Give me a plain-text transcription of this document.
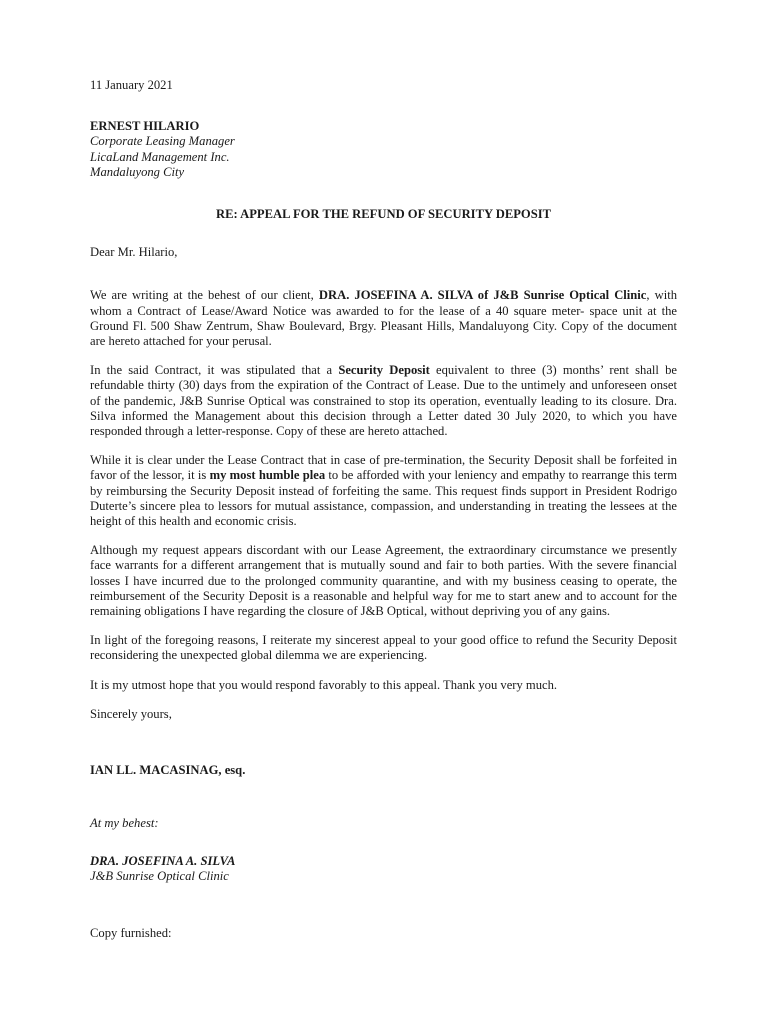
11 January 2021
ERNEST HILARIO
Corporate Leasing Manager
LicaLand Management Inc.
Mandaluyong City
RE: APPEAL FOR THE REFUND OF SECURITY DEPOSIT
Dear Mr. Hilario,

We are writing at the behest of our client, DRA. JOSEFINA A. SILVA of J&B Sunrise Optical Clinic, with whom a Contract of Lease/Award Notice was awarded to for the lease of a 40 square meter- space unit at the Ground Fl. 500 Shaw Zentrum, Shaw Boulevard, Brgy. Pleasant Hills, Mandaluyong City. Copy of the document are hereto attached for your perusal.

In the said Contract, it was stipulated that a Security Deposit equivalent to three (3) months’ rent shall be refundable thirty (30) days from the expiration of the Contract of Lease. Due to the untimely and unforeseen onset of the pandemic, J&B Sunrise Optical was constrained to stop its operation, eventually leading to its closure. Dra. Silva informed the Management about this decision through a Letter dated 30 July 2020, to which you have responded through a letter-response. Copy of these are hereto attached.

While it is clear under the Lease Contract that in case of pre-termination, the Security Deposit shall be forfeited in favor of the lessor, it is my most humble plea to be afforded with your leniency and empathy to rearrange this term by reimbursing the Security Deposit instead of forfeiting the same. This request finds support in President Rodrigo Duterte’s sincere plea to lessors for mutual assistance, compassion, and understanding in treating the lessees at the height of this health and economic crisis.

Although my request appears discordant with our Lease Agreement, the extraordinary circumstance we presently face warrants for a different arrangement that is mutually sound and fair to both parties. With the severe financial losses I have incurred due to the prolonged community quarantine, and with my business ceasing to operate, the reimbursement of the Security Deposit is a reasonable and helpful way for me to start anew and to account for the remaining obligations I have regarding the closure of J&B Optical, without depriving you of any gains.

In light of the foregoing reasons, I reiterate my sincerest appeal to your good office to refund the Security Deposit reconsidering the unexpected global dilemma we are experiencing.

It is my utmost hope that you would respond favorably to this appeal. Thank you very much.

Sincerely yours,
IAN LL. MACASINAG, esq.
At my behest:
DRA. JOSEFINA A. SILVA
J&B Sunrise Optical Clinic
Copy furnished:
